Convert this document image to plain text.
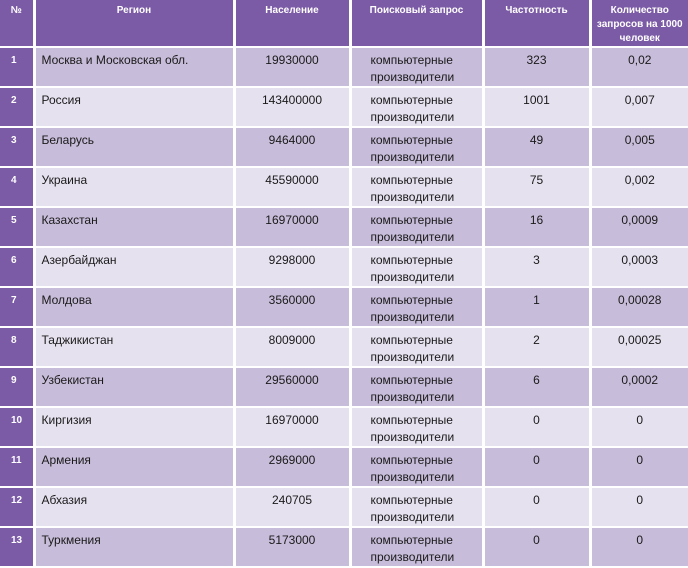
№	Регион	Население	Поисковый запрос	Частотность	Количество запросов на 1000 человек
1	Москва и Московская обл.	19930000	компьютерные производители	323	0,02
2	Россия	143400000	компьютерные производители	1001	0,007
3	Беларусь	9464000	компьютерные производители	49	0,005
4	Украина	45590000	компьютерные производители	75	0,002
5	Казахстан	16970000	компьютерные производители	16	0,0009
6	Азербайджан	9298000	компьютерные производители	3	0,0003
7	Молдова	3560000	компьютерные производители	1	0,00028
8	Таджикистан	8009000	компьютерные производители	2	0,00025
9	Узбекистан	29560000	компьютерные производители	6	0,0002
10	Киргизия	16970000	компьютерные производители	0	0
11	Армения	2969000	компьютерные производители	0	0
12	Абхазия	240705	компьютерные производители	0	0
13	Туркмения	5173000	компьютерные производители	0	0
